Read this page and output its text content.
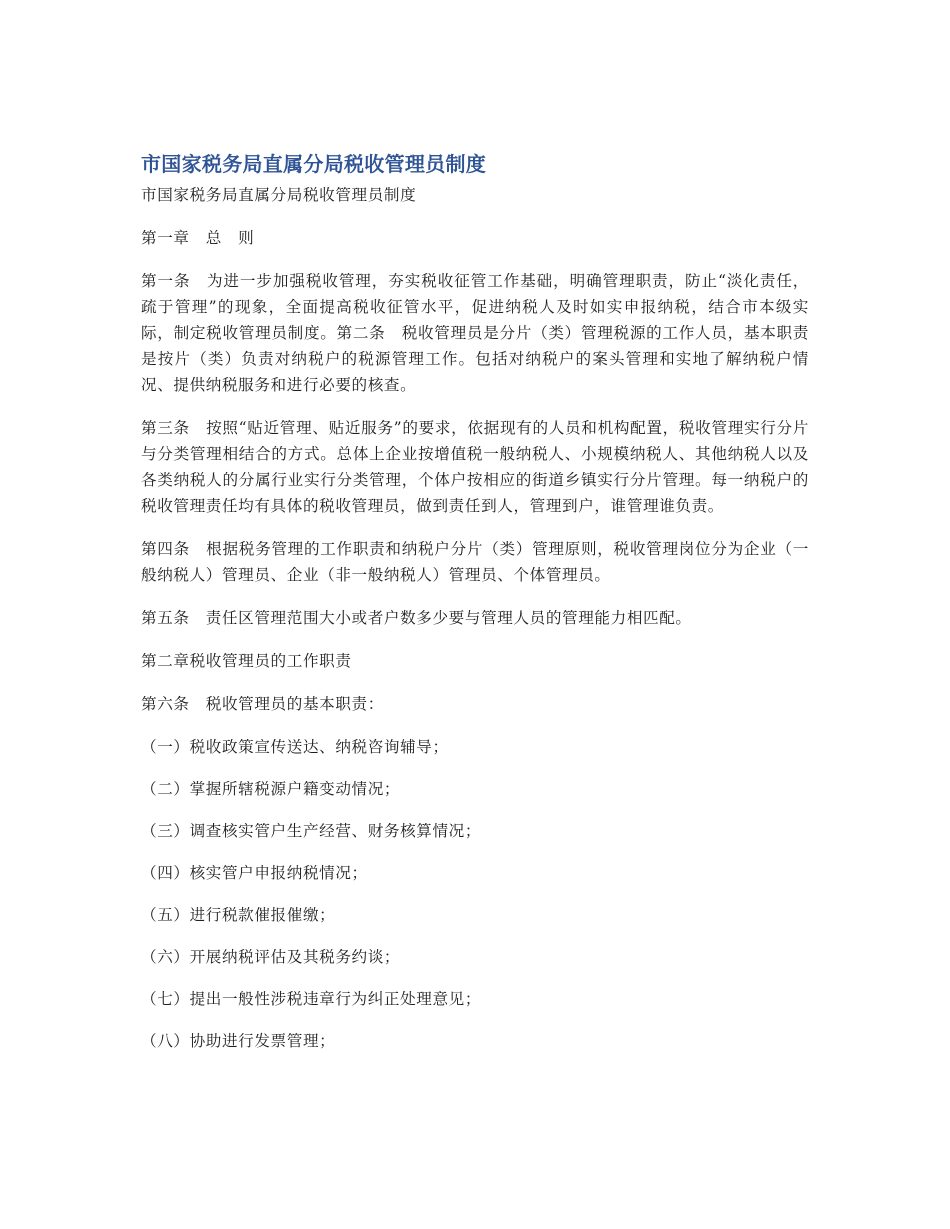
市国家税务局直属分局税收管理员制度

市国家税务局直属分局税收管理员制度

第一章　总　则

第一条　为进一步加强税收管理，夯实税收征管工作基础，明确管理职责，防止“淡化责任，疏于管理”的现象，全面提高税收征管水平，促进纳税人及时如实申报纳税，结合市本级实际，制定税收管理员制度。第二条　税收管理员是分片（类）管理税源的工作人员，基本职责是按片（类）负责对纳税户的税源管理工作。包括对纳税户的案头管理和实地了解纳税户情况、提供纳税服务和进行必要的核查。

第三条　按照“贴近管理、贴近服务”的要求，依据现有的人员和机构配置，税收管理实行分片与分类管理相结合的方式。总体上企业按增值税一般纳税人、小规模纳税人、其他纳税人以及各类纳税人的分属行业实行分类管理，个体户按相应的街道乡镇实行分片管理。每一纳税户的税收管理责任均有具体的税收管理员，做到责任到人，管理到户，谁管理谁负责。

第四条　根据税务管理的工作职责和纳税户分片（类）管理原则，税收管理岗位分为企业（一般纳税人）管理员、企业（非一般纳税人）管理员、个体管理员。

第五条　责任区管理范围大小或者户数多少要与管理人员的管理能力相匹配。

第二章税收管理员的工作职责

第六条　税收管理员的基本职责：

（一）税收政策宣传送达、纳税咨询辅导；

（二）掌握所辖税源户籍变动情况；

（三）调查核实管户生产经营、财务核算情况；

（四）核实管户申报纳税情况；

（五）进行税款催报催缴；

（六）开展纳税评估及其税务约谈；

（七）提出一般性涉税违章行为纠正处理意见；

（八）协助进行发票管理；
